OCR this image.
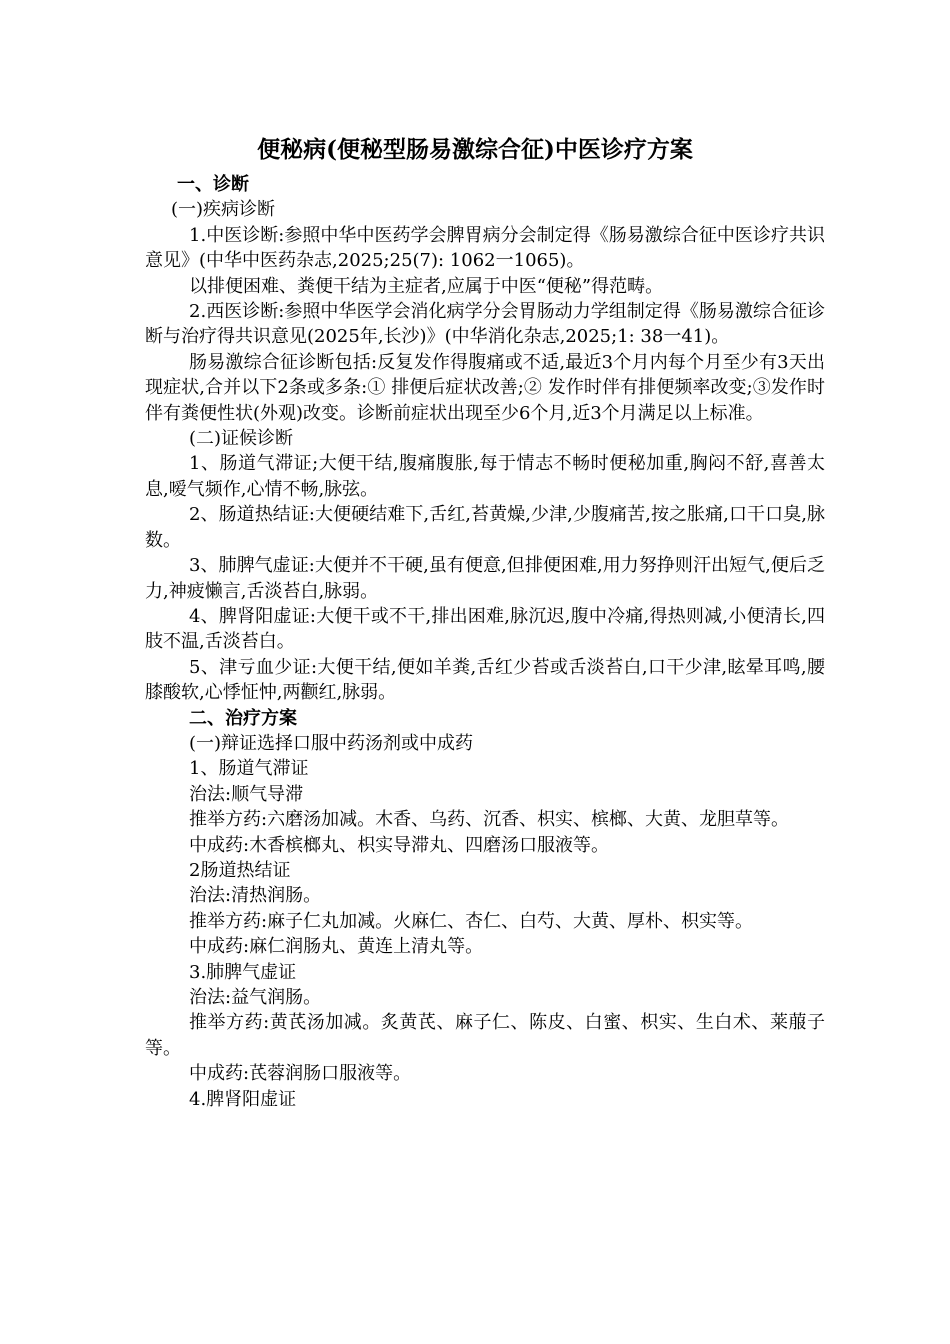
便秘病(便秘型肠易激综合征)中医诊疗方案

一、诊断

(一)疾病诊断

1.中医诊断:参照中华中医药学会脾胃病分会制定得《肠易激综合征中医诊疗共识意见》(中华中医药杂志,2025;25(7): 1062一1065)。

以排便困难、粪便干结为主症者,应属于中医“便秘”得范畴。

2.西医诊断:参照中华医学会消化病学分会胃肠动力学组制定得《肠易激综合征诊断与治疗得共识意见(2025年,长沙)》(中华消化杂志,2025;1: 38一41)。

肠易激综合征诊断包括:反复发作得腹痛或不适,最近3个月内每个月至少有3天出现症状,合并以下2条或多条:① 排便后症状改善;② 发作时伴有排便频率改变;③发作时伴有粪便性状(外观)改变。诊断前症状出现至少6个月,近3个月满足以上标准。

(二)证候诊断

1、肠道气滞证;大便干结,腹痛腹胀,每于情志不畅时便秘加重,胸闷不舒,喜善太息,嗳气频作,心情不畅,脉弦。

2、肠道热结证:大便硬结难下,舌红,苔黄燥,少津,少腹痛苦,按之胀痛,口干口臭,脉数。

3、肺脾气虚证:大便并不干硬,虽有便意,但排便困难,用力努挣则汗出短气,便后乏力,神疲懒言,舌淡苔白,脉弱。

4、脾肾阳虚证:大便干或不干,排出困难,脉沉迟,腹中冷痛,得热则减,小便清长,四肢不温,舌淡苔白。

5、津亏血少证:大便干结,便如羊粪,舌红少苔或舌淡苔白,口干少津,眩晕耳鸣,腰膝酸软,心悸怔忡,两颧红,脉弱。

二、治疗方案

(一)辩证选择口服中药汤剂或中成药

1、肠道气滞证

治法:顺气导滞

推举方药:六磨汤加减。木香、乌药、沉香、枳实、槟榔、大黄、龙胆草等。

中成药:木香槟榔丸、枳实导滞丸、四磨汤口服液等。

2肠道热结证

治法:清热润肠。

推举方药:麻子仁丸加减。火麻仁、杏仁、白芍、大黄、厚朴、枳实等。

中成药:麻仁润肠丸、黄连上清丸等。

3.肺脾气虚证

治法:益气润肠。

推举方药:黄芪汤加减。炙黄芪、麻子仁、陈皮、白蜜、枳实、生白术、莱菔子等。

中成药:芪蓉润肠口服液等。

4.脾肾阳虚证
